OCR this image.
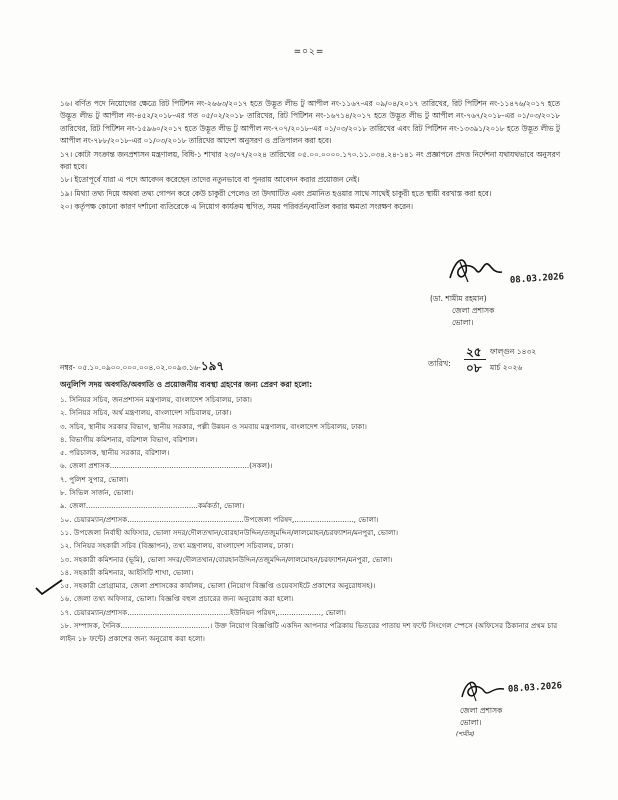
=০২=

১৬। বর্ণিত পদে নিয়োগের ক্ষেত্রে রিট পিটিশন নং-২৬৬৩/২০১৭ হতে উদ্ভূত লীভ টু আপীল নং-১১৬৭-এর ০৯/০৪/২০১৭ তারিখের, রিট পিটিশন নং-১১৪৭৬/২০১৭ হতে উদ্ভূত লীভ টু আপীল নং-৪৫২/২০১৮-এর গত ০৫/০২/২০১৮ তারিখের, রিট পিটিশন নং-১৬৭১৪/২০১৭ হতে উদ্ভূত লীভ টু আপীল নং-৭৬৭/২০১৮-এর ০১/০৩/২০১৮ তারিখের, রিট পিটিশন নং-১৫৯৬০/২০১৭ হতে উদ্ভূত লীভ টু আপীল নং-৭০৭/২০১৮-এর ০১/০৩/২০১৮ তারিখের এবং রিট পিটিশন নং-১৩৩৯১/২০১৮ হতে উদ্ভূত লীভ টু আপীল নং-৭৮৮/২০১৮-এর ০১/০৩/২০১৮ তারিখের আদেশ অনুসরণ ও প্রতিপালন করা হবে।

১৭। কোটা সংক্রান্ত জনপ্রশাসন মন্ত্রণালয়, বিধি-১ শাখার ২৩/০৭/২০২৪ তারিখের ০৫.০০.০০০০.১৭০.১১.০৩৪.২৪-১৪১ নং প্রজ্ঞাপনে প্রদত্ত নির্দেশনা যথাযথভাবে অনুসরণ করা হবে।

১৮। ইতোপূর্বে যারা এ পদে আবেদন করেছেন তাদের নতুনভাবে বা পুনরায় আবেদন করার প্রয়োজন নেই।

১৯। মিথ্যা তথ্য দিয়ে অথবা তথ্য গোপন করে কেউ চাকুরী পেলেও তা উদঘাটিত এবং প্রমানিত হওয়ার সাথে সাথেই চাকুরী হতে স্থায়ী বরখাস্ত করা হবে।

২০। কর্তৃপক্ষ কোনো কারণ দর্শানো ব্যতিরেকে এ নিয়োগ কার্যক্রম স্থগিত, সময় পরিবর্তন/বাতিল করার ক্ষমতা সংরক্ষণ করেন।

08.03.2026
(ডা. শামীম রহমান)
জেলা প্রশাসক
ভোলা।
নম্বর- ০৫.১০.০৯০০.০০০.০০৪.০২.০০৯৩.১৬-১৯৭	তারিখ:
২৫ ফাল্গুন ১৪৩২
০৮ মার্চ ২০২৬
অনুলিপি সদয় অবগতি/অবগতি ও প্রয়োজনীয় ব্যবস্থা গ্রহণের জন্য প্রেরণ করা হলো:
১. সিনিয়র সচিব, জনপ্রশাসন মন্ত্রণালয়, বাংলাদেশ সচিবালয়, ঢাকা।
২. সিনিয়র সচিব, অর্থ মন্ত্রণালয়, বাংলাদেশ সচিবালয়, ঢাকা।
৩. সচিব, স্থানীয় সরকার বিভাগ, স্থানীয় সরকার, পল্লী উন্নয়ন ও সমবায় মন্ত্রণালয়, বাংলাদেশ সচিবালয়, ঢাকা।
৪. বিভাগীয় কমিশনার, বরিশাল বিভাগ, বরিশাল।
৫. পরিচালক, স্থানীয় সরকার, বরিশাল।
৬. জেলা প্রশাসক.............................................................(সকল)।
৭. পুলিশ সুপার, ভোলা।
৮. সিভিল সার্জন, ভোলা।
৯. জেলা.................................................কর্মকর্তা, ভোলা।
১০. চেয়ারম্যান/প্রশাসক...................................................উপজেলা পরিষদ,.........................., ভোলা।
১১. উপজেলা নির্বাহী অফিসার, ভোলা সদর/দৌলতখান/বোরহানউদ্দিন/তজুমদ্দিন/লালমোহন/চরফ্যাশন/মনপুরা, ভোলা।
১২. সিনিয়র সহকারী সচিব (বিজ্ঞাপন), তথ্য মন্ত্রণালয়, বাংলাদেশ সচিবালয়, ঢাকা।
১৩. সহকারী কমিশনার (ভূমি), ভোলা সদর/দৌলতখান/বোরহানউদ্দিন/তজুমদ্দিন/লালমোহন/চরফ্যাশন/মনপুরা, ভোলা।
১৪. সহকারী কমিশনার, আইসিটি শাখা, ভোলা।
১৫. সহকারী প্রোগ্রামার, জেলা প্রশাসকের কার্যালয়, ভোলা (নিয়োগ বিজ্ঞপ্তি ওয়েবসাইটে প্রকাশের অনুরোধসহ)।
১৬. জেলা তথ্য অফিসার, ভোলা। বিজ্ঞপ্তি বহুল প্রচারের জন্য অনুরোধ করা হলো।
১৭. চেয়ারম্যান/প্রশাসক.............................................ইউনিয়ন পরিষদ,..................., ভোলা।
১৮. সম্পাদক, দৈনিক.......................................। উক্ত নিয়োগ বিজ্ঞপ্তিটি একদিন আপনার পত্রিকায় ভিতরের পাতায় দশ ফন্টে সিংগেল স্পেসে (অফিসের ঠিকানার প্রথম চার লাইন ১৮ ফন্টে) প্রকাশের জন্য অনুরোধ করা হলো।
08.03.2026
জেলা প্রশাসক
ভোলা।
(শামীম)
